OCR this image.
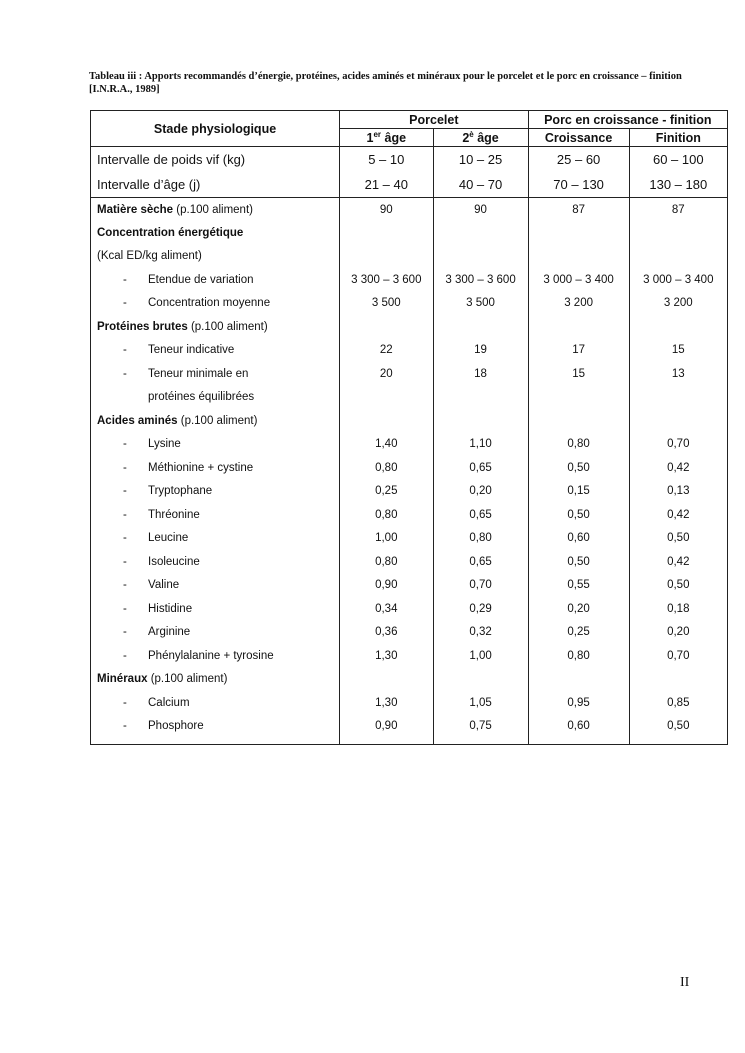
Tableau iii : Apports recommandés d’énergie, protéines, acides aminés et minéraux pour le porcelet et le porc en croissance – finition [I.N.R.A., 1989]
Stade physiologique	Porcelet		Porc en croissance - finition	
	1er âge	$2^è$ âge	Croissance	Finition
Intervalle de poids vif (kg)	5 – 10	10 – 25	25 – 60	60 – 100
Intervalle d’âge (j)	21 – 40	40 – 70	70 – 130	130 – 180
Matière sèche (p.100 aliment)	90	90	87	87
Concentration énergétique				
(Kcal ED/kg aliment)				
- Etendue de variation	3 300 – 3 600	3 300 – 3 600	3 000 – 3 400	3 000 – 3 400
- Concentration moyenne	3 500	3 500	3 200	3 200
Protéines brutes (p.100 aliment)				
- Teneur indicative	22	19	17	15
- Teneur minimale en	20	18	15	13
protéines équilibrées				
Acides aminés (p.100 aliment)				
- Lysine	1,40	1,10	0,80	0,70
- Méthionine + cystine	0,80	0,65	0,50	0,42
- Tryptophane	0,25	0,20	0,15	0,13
- Thréonine	0,80	0,65	0,50	0,42
- Leucine	1,00	0,80	0,60	0,50
- Isoleucine	0,80	0,65	0,50	0,42
- Valine	0,90	0,70	0,55	0,50
- Histidine	0,34	0,29	0,20	0,18
- Arginine	0,36	0,32	0,25	0,20
- Phénylalanine + tyrosine	1,30	1,00	0,80	0,70
Minéraux (p.100 aliment)				
- Calcium	1,30	1,05	0,95	0,85
- Phosphore	0,90	0,75	0,60	0,50

II
